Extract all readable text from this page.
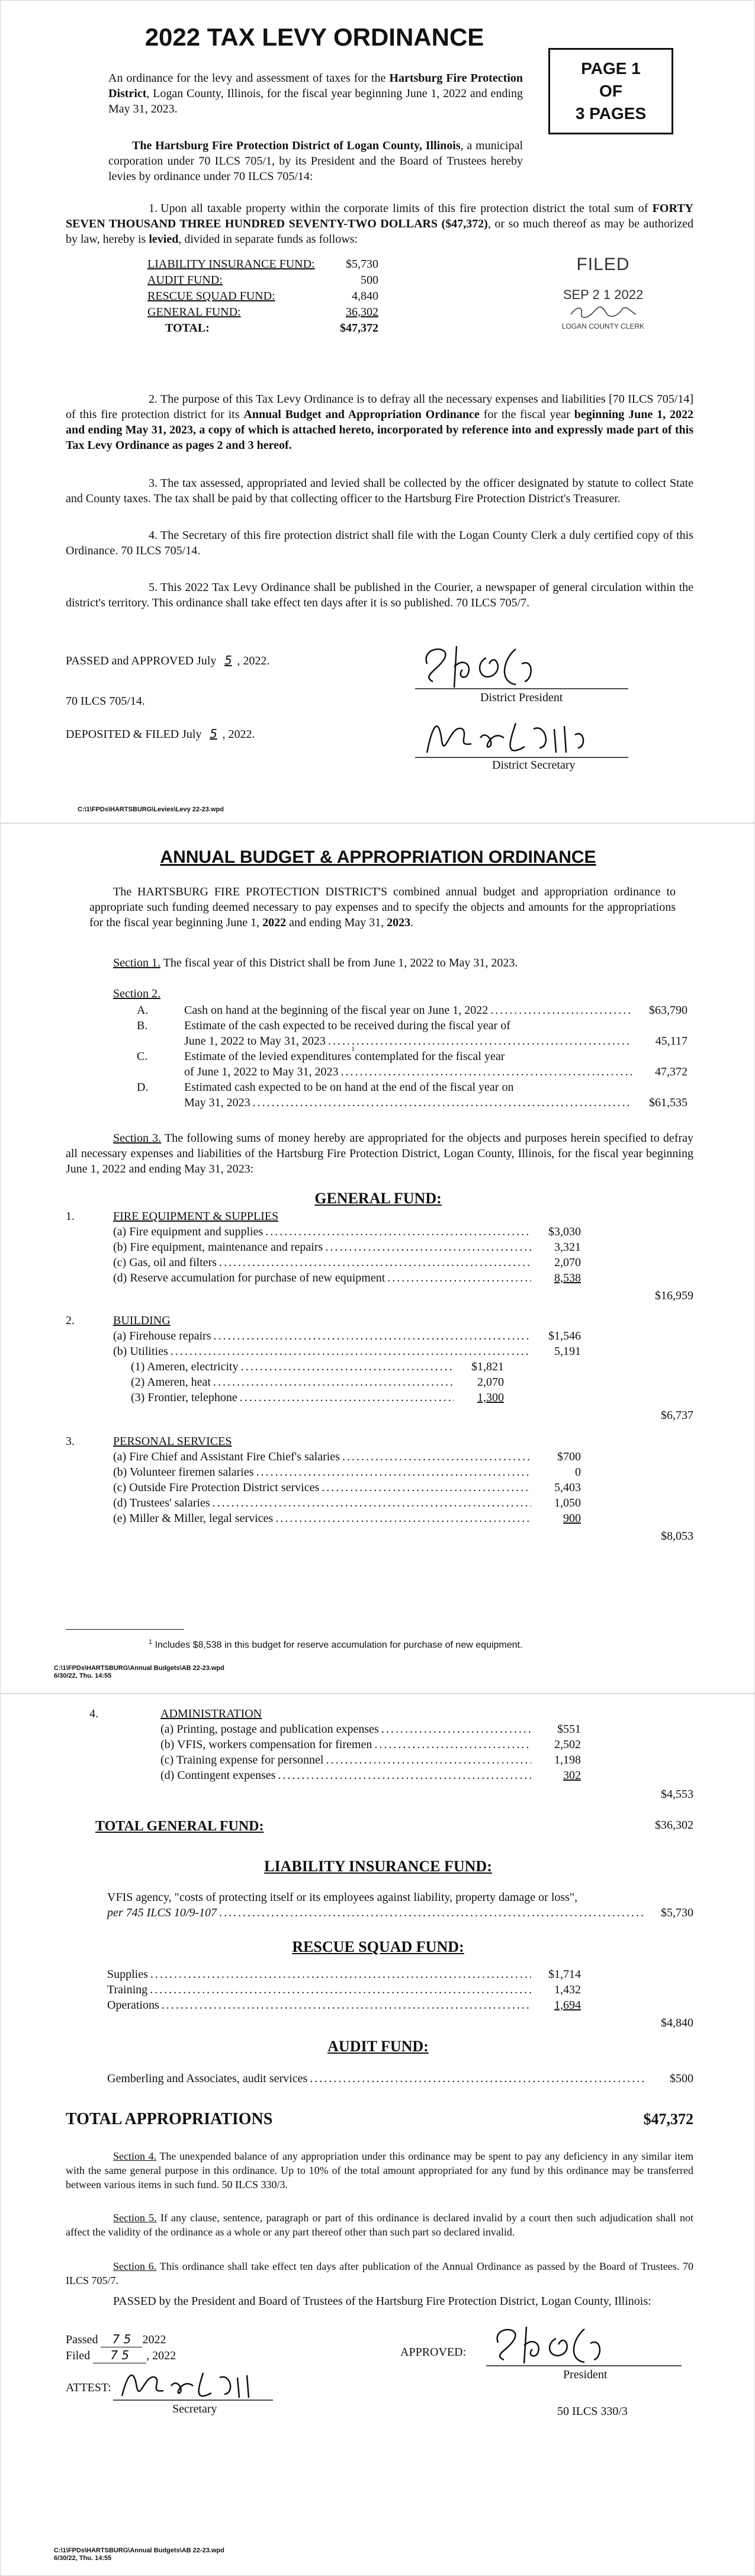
2022 TAX LEVY ORDINANCE
PAGE 1
OF
3 PAGES

An ordinance for the levy and assessment of taxes for the Hartsburg Fire Protection District, Logan County, Illinois, for the fiscal year beginning June 1, 2022 and ending May 31, 2023.

The Hartsburg Fire Protection District of Logan County, Illinois, a municipal corporation under 70 ILCS 705/1, by its President and the Board of Trustees hereby levies by ordinance under 70 ILCS 705/14:

1. Upon all taxable property within the corporate limits of this fire protection district the total sum of FORTY SEVEN THOUSAND THREE HUNDRED SEVENTY-TWO DOLLARS ($47,372), or so much thereof as may be authorized by law, hereby is levied, divided in separate funds as follows:

LIABILITY INSURANCE FUND:	$5,730
AUDIT FUND:	500
RESCUE SQUAD FUND:	4,840
GENERAL FUND:	36,302
TOTAL:	$47,372
FILED
SEP 2 1 2022
LOGAN COUNTY CLERK

2. The purpose of this Tax Levy Ordinance is to defray all the necessary expenses and liabilities [70 ILCS 705/14] of this fire protection district for its Annual Budget and Appropriation Ordinance for the fiscal year beginning June 1, 2022 and ending May 31, 2023, a copy of which is attached hereto, incorporated by reference into and expressly made part of this Tax Levy Ordinance as pages 2 and 3 hereof.

3. The tax assessed, appropriated and levied shall be collected by the officer designated by statute to collect State and County taxes. The tax shall be paid by that collecting officer to the Hartsburg Fire Protection District's Treasurer.

4. The Secretary of this fire protection district shall file with the Logan County Clerk a duly certified copy of this Ordinance. 70 ILCS 705/14.

5. This 2022 Tax Levy Ordinance shall be published in the Courier, a newspaper of general circulation within the district's territory. This ordinance shall take effect ten days after it is so published. 70 ILCS 705/7.

PASSED and APPROVED July 5 , 2022.
70 ILCS 705/14.
DEPOSITED & FILED July 5 , 2022.
District President
District Secretary
C:\1\FPDs\HARTSBURG\Levies\Levy 22-23.wpd
ANNUAL BUDGET & APPROPRIATION ORDINANCE

The HARTSBURG FIRE PROTECTION DISTRICT'S combined annual budget and appropriation ordinance to appropriate such funding deemed necessary to pay expenses and to specify the objects and amounts for the appropriations for the fiscal year beginning June 1, 2022 and ending May 31, 2023.

Section 1. The fiscal year of this District shall be from June 1, 2022 to May 31, 2023.

Section 2.
A.	Cash on hand at the beginning of the fiscal year on June 1, 2022 .....	$63,790
B.	Estimate of the cash expected to be received during the fiscal year of
June 1, 2022 to May 31, 2023 .....	45,117
C.	Estimate of the levied expenditures
1
contemplated for the fiscal year
of June 1, 2022 to May 31, 2023 .....	47,372
D.	Estimated cash expected to be on hand at the end of the fiscal year on
May 31, 2023 .....	$61,535

Section 3. The following sums of money hereby are appropriated for the objects and purposes herein specified to defray all necessary expenses and liabilities of the Hartsburg Fire Protection District, Logan County, Illinois, for the fiscal year beginning June 1, 2022 and ending May 31, 2023:

GENERAL FUND:
1.	FIRE EQUIPMENT & SUPPLIES
(a) Fire equipment and supplies .....	$3,030
(b) Fire equipment, maintenance and repairs .....	3,321
(c) Gas, oil and filters .....	2,070
(d) Reserve accumulation for purchase of new equipment .....	8,538
$16,959
2.	BUILDING
(a) Firehouse repairs .....	$1,546
(b) Utilities .....	5,191
(1) Ameren, electricity .....	$1,821
(2) Ameren, heat .....	2,070
(3) Frontier, telephone .....	1,300
$6,737
3.	PERSONAL SERVICES
(a) Fire Chief and Assistant Fire Chief's salaries .....	$700
(b) Volunteer firemen salaries .....	0
(c) Outside Fire Protection District services .....	5,403
(d) Trustees' salaries .....	1,050
(e) Miller & Miller, legal services .....	900
$8,053
$^1$ Includes $8,538 in this budget for reserve accumulation for purchase of new equipment.
C:\1\FPDs\HARTSBURG\Annual Budgets\AB 22-23.wpd
6/30/22, Thu. 14:55
4.	ADMINISTRATION
(a) Printing, postage and publication expenses .....	$551
(b) VFIS, workers compensation for firemen .....	2,502
(c) Training expense for personnel .....	1,198
(d) Contingent expenses .....	302
$4,553
TOTAL GENERAL FUND:	$36,302
LIABILITY INSURANCE FUND:
VFIS agency, "costs of protecting itself or its employees against liability, property damage or loss",
per 745 ILCS 10/9-107 .....	$5,730
RESCUE SQUAD FUND:
Supplies .....	$1,714
Training .....	1,432
Operations .....	1,694
$4,840
AUDIT FUND:
Gemberling and Associates, audit services .....	$500
TOTAL APPROPRIATIONS	$47,372

Section 4. The unexpended balance of any appropriation under this ordinance may be spent to pay any deficiency in any similar item with the same general purpose in this ordinance. Up to 10% of the total amount appropriated for any fund by this ordinance may be transferred between various items in such fund. 50 ILCS 330/3.

Section 5. If any clause, sentence, paragraph or part of this ordinance is declared invalid by a court then such adjudication shall not affect the validity of the ordinance as a whole or any part thereof other than such part so declared invalid.

Section 6. This ordinance shall take effect ten days after publication of the Annual Ordinance as passed by the Board of Trustees. 70 ILCS 705/7.

PASSED by the President and Board of Trustees of the Hartsburg Fire Protection District, Logan County, Illinois:

Passed 7 5 2022
Filed 7 5 , 2022	APPROVED:
President
ATTEST:
Secretary	50 ILCS 330/3
C:\1\FPDs\HARTSBURG\Annual Budgets\AB 22-23.wpd
6/30/22, Thu. 14:55
